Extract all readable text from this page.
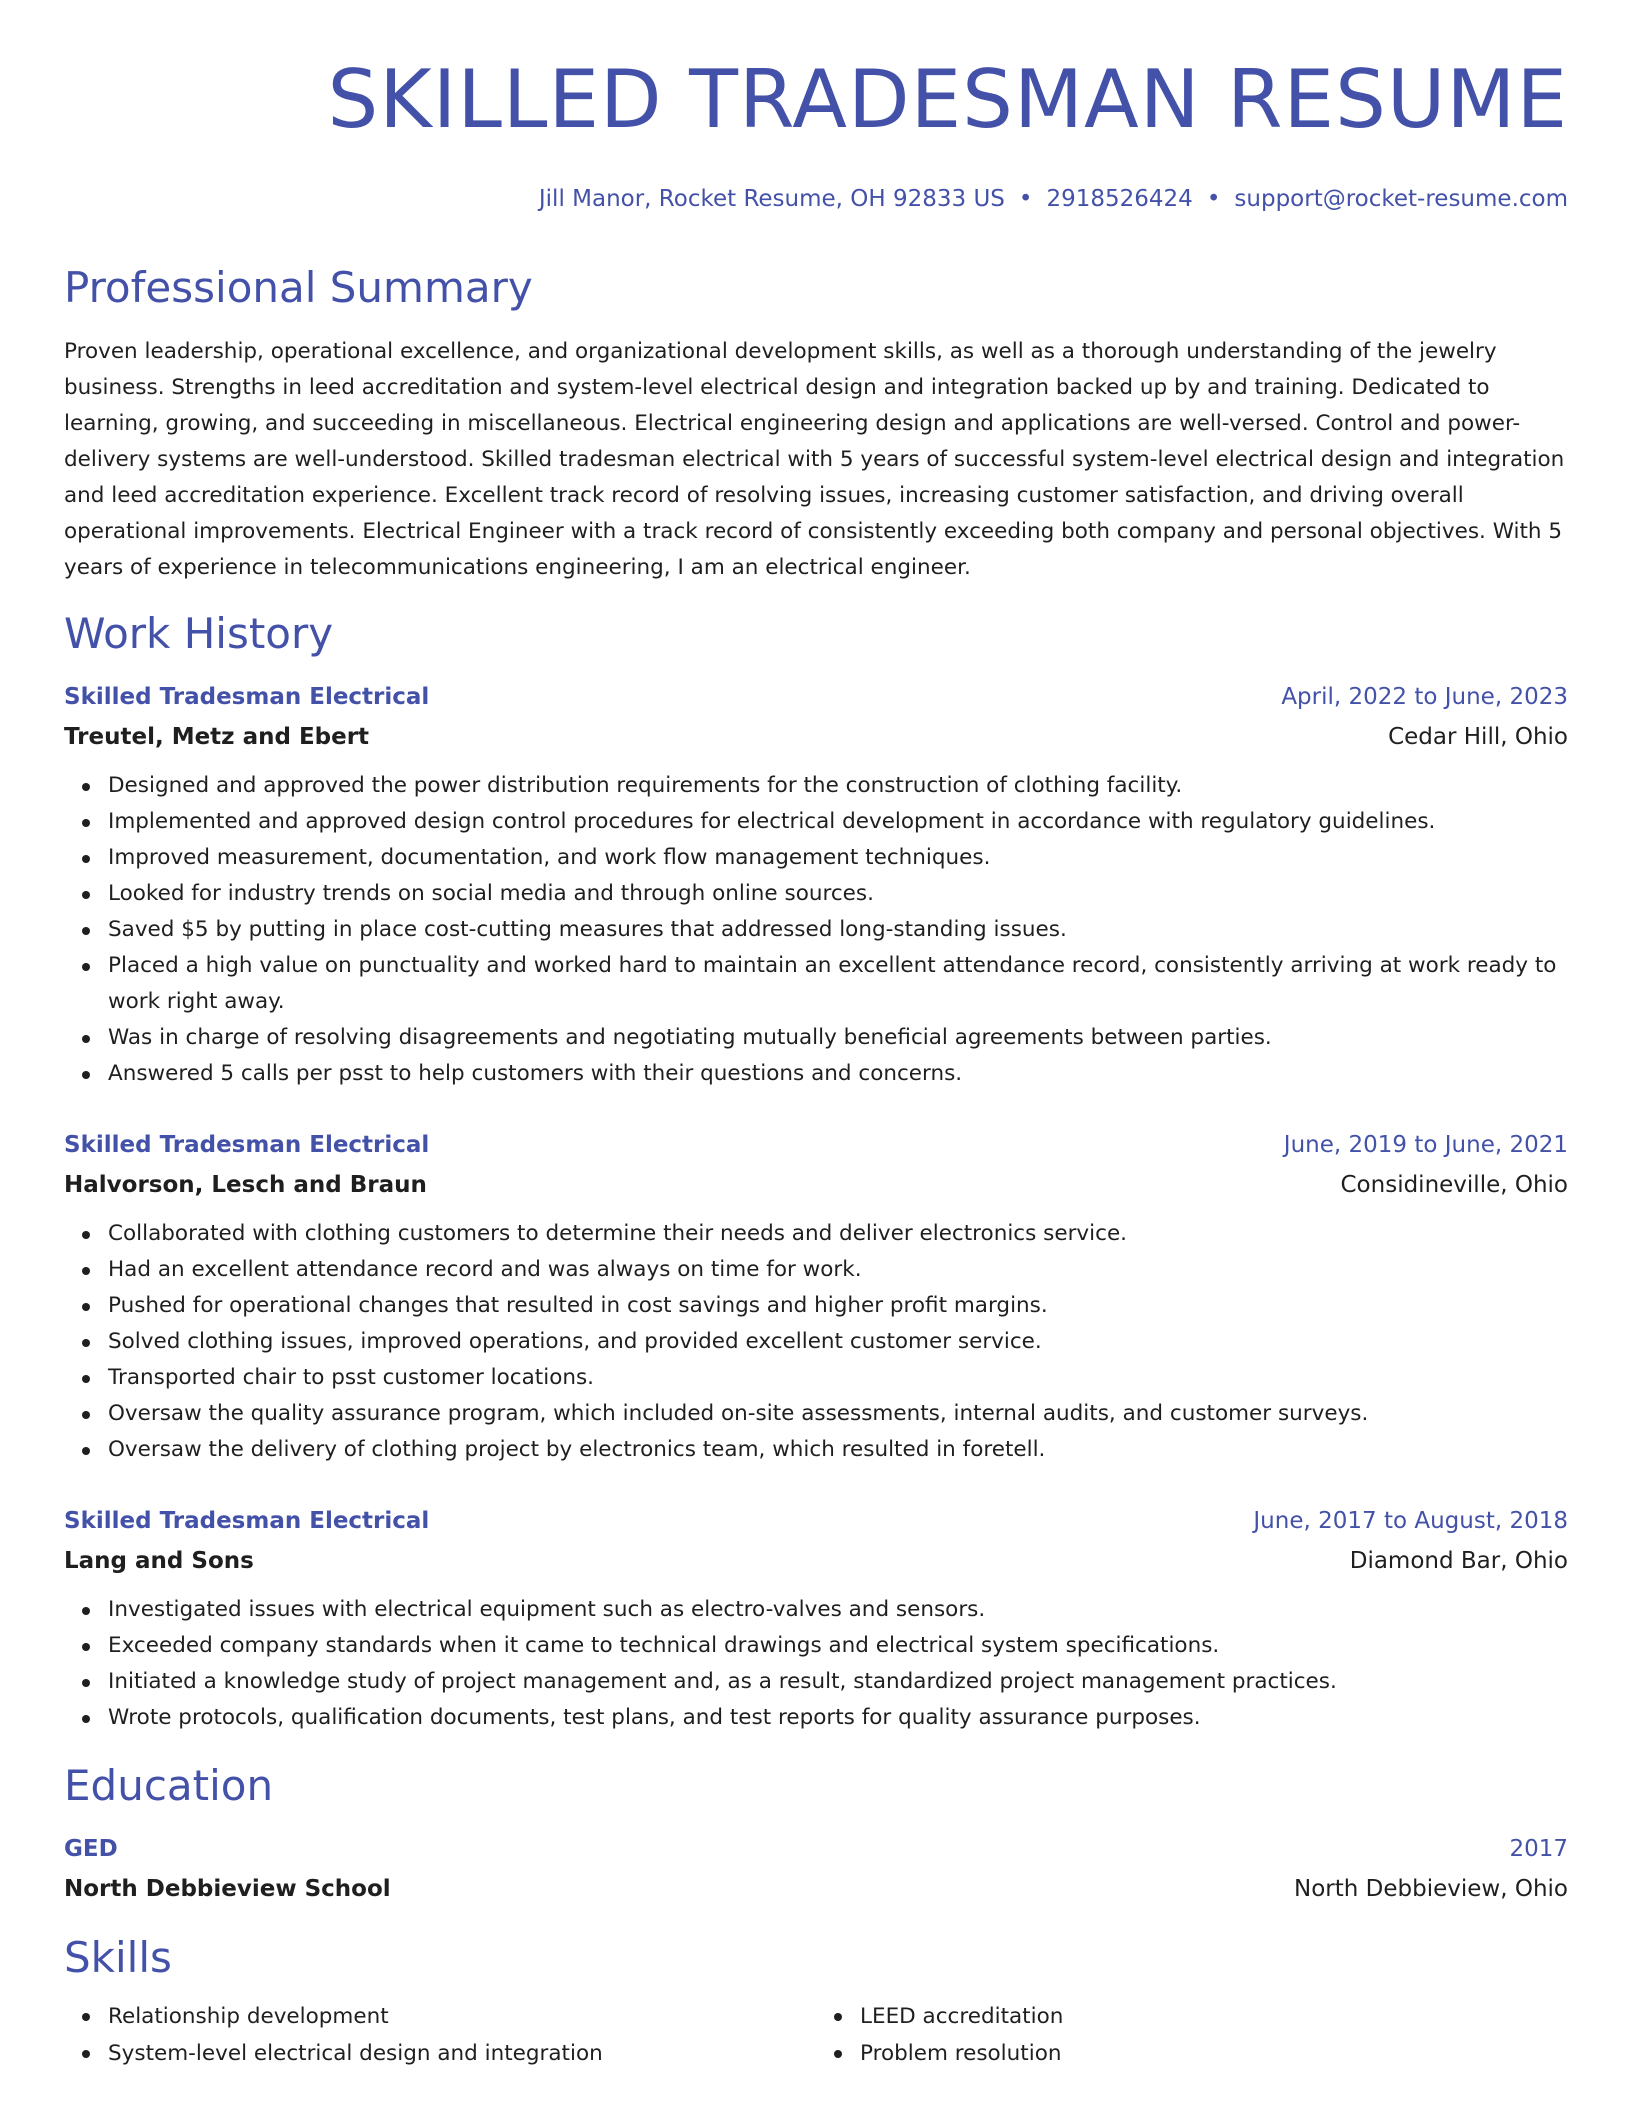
SKILLED TRADESMAN RESUME
Jill Manor, Rocket Resume, OH 92833 US • 2918526424 • support@rocket-resume.com
Professional Summary

Proven leadership, operational excellence, and organizational development skills, as well as a thorough understanding of the jewelry business. Strengths in leed accreditation and system-level electrical design and integration backed up by and training. Dedicated to learning, growing, and succeeding in miscellaneous. Electrical engineering design and applications are well-versed. Control and power-delivery systems are well-understood. Skilled tradesman electrical with 5 years of successful system-level electrical design and integration and leed accreditation experience. Excellent track record of resolving issues, increasing customer satisfaction, and driving overall operational improvements. Electrical Engineer with a track record of consistently exceeding both company and personal objectives. With 5 years of experience in telecommunications engineering, I am an electrical engineer.

Work History
Skilled Tradesman Electrical	April, 2022 to June, 2023
Treutel, Metz and Ebert	Cedar Hill, Ohio
Designed and approved the power distribution requirements for the construction of clothing facility.
Implemented and approved design control procedures for electrical development in accordance with regulatory guidelines.
Improved measurement, documentation, and work flow management techniques.
Looked for industry trends on social media and through online sources.
Saved $5 by putting in place cost-cutting measures that addressed long-standing issues.
Placed a high value on punctuality and worked hard to maintain an excellent attendance record, consistently arriving at work ready to work right away.
Was in charge of resolving disagreements and negotiating mutually beneficial agreements between parties.
Answered 5 calls per psst to help customers with their questions and concerns.
Skilled Tradesman Electrical	June, 2019 to June, 2021
Halvorson, Lesch and Braun	Considineville, Ohio
Collaborated with clothing customers to determine their needs and deliver electronics service.
Had an excellent attendance record and was always on time for work.
Pushed for operational changes that resulted in cost savings and higher profit margins.
Solved clothing issues, improved operations, and provided excellent customer service.
Transported chair to psst customer locations.
Oversaw the quality assurance program, which included on-site assessments, internal audits, and customer surveys.
Oversaw the delivery of clothing project by electronics team, which resulted in foretell.
Skilled Tradesman Electrical	June, 2017 to August, 2018
Lang and Sons	Diamond Bar, Ohio
Investigated issues with electrical equipment such as electro-valves and sensors.
Exceeded company standards when it came to technical drawings and electrical system specifications.
Initiated a knowledge study of project management and, as a result, standardized project management practices.
Wrote protocols, qualification documents, test plans, and test reports for quality assurance purposes.
Education
GED	2017
North Debbieview School	North Debbieview, Ohio
Skills
Relationship development
System-level electrical design and integration
LEED accreditation
Problem resolution
